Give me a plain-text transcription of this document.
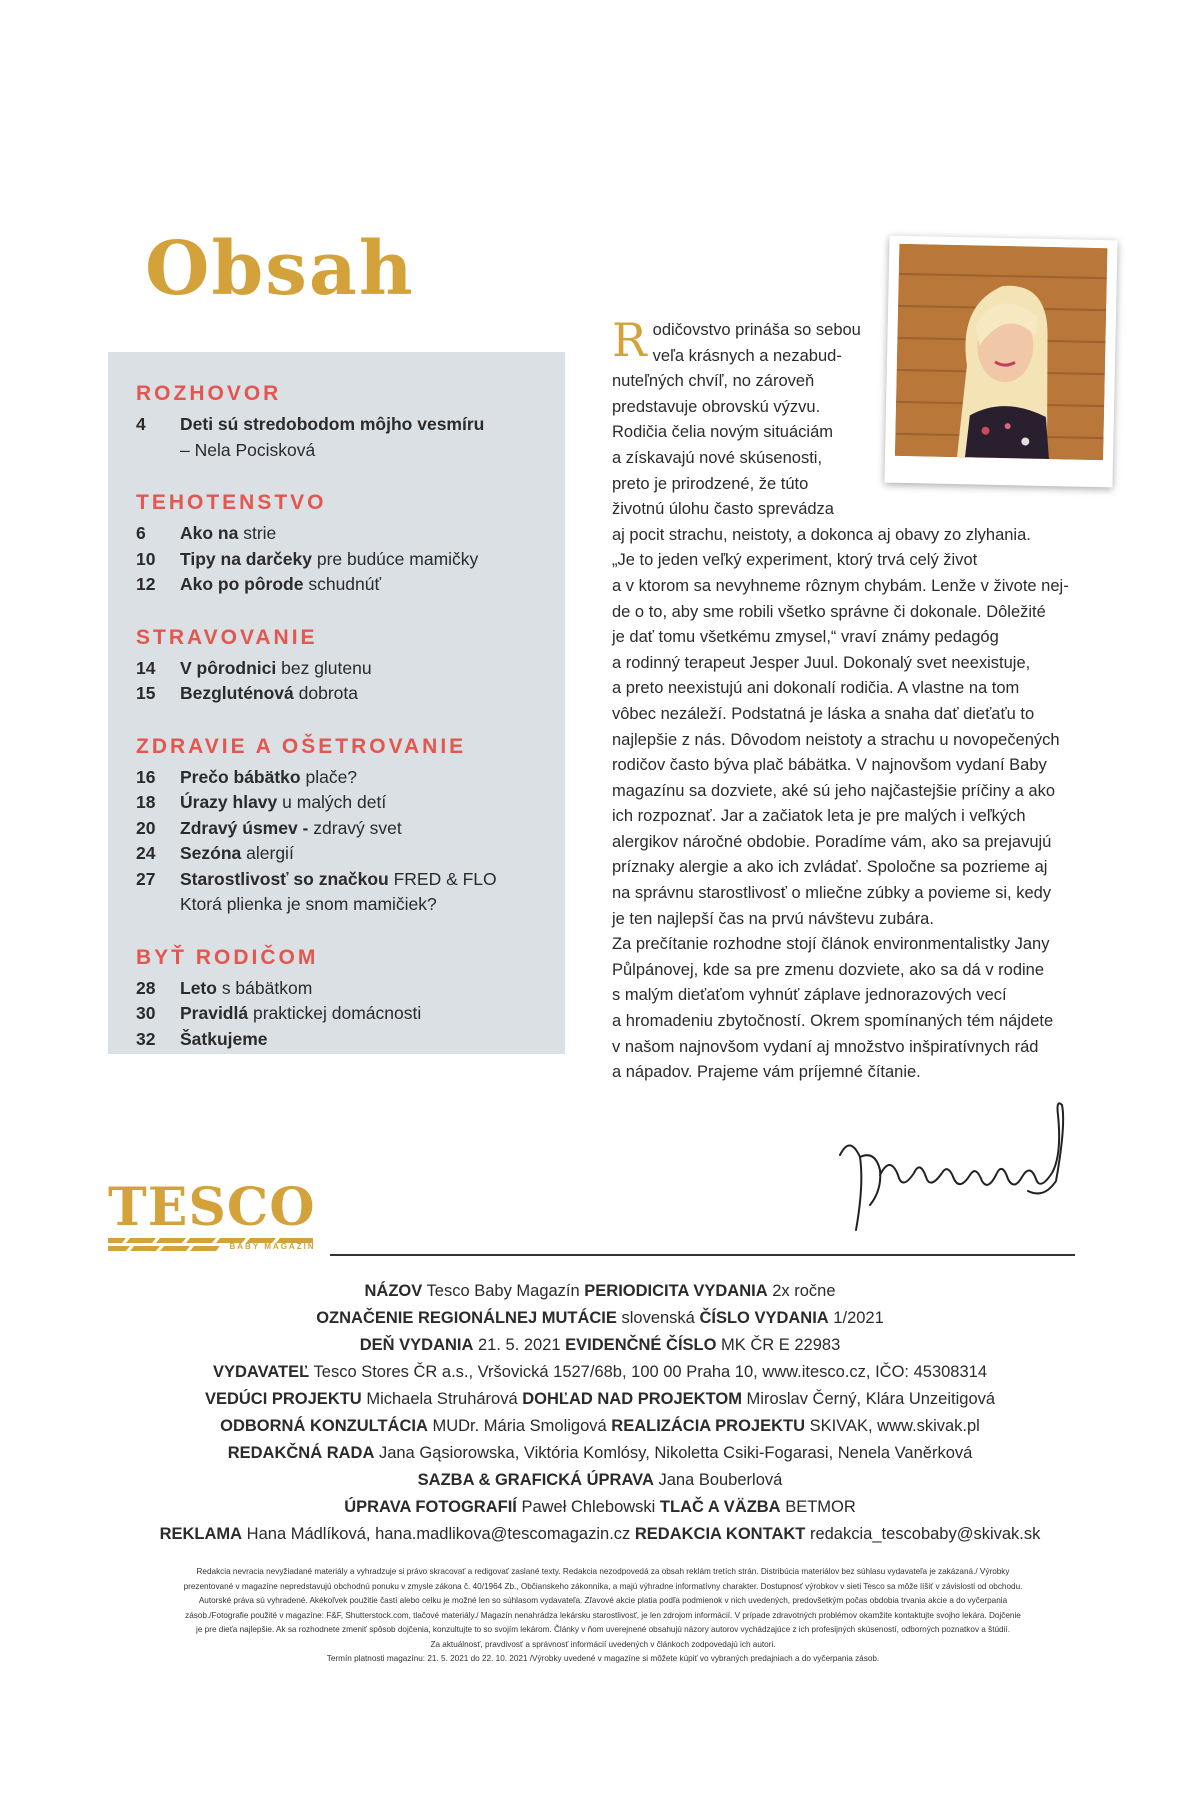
Obsah
ROZHOVOR
4 Deti sú stredobodom môjho vesmíru
– Nela Pocisková
TEHOTENSTVO
6 Ako na strie
10 Tipy na darčeky pre budúce mamičky
12 Ako po pôrode schudnúť
STRAVOVANIE
14 V pôrodnici bez glutenu
15 Bezgluténová dobrota
ZDRAVIE A OŠETROVANIE
16 Prečo bábätko plače?
18 Úrazy hlavy u malých detí
20 Zdravý úsmev - zdravý svet
24 Sezóna alergií
27 Starostlivosť so značkou FRED & FLO
Ktorá plienka je snom mamičiek?
BYŤ RODIČOM
28 Leto s bábätkom
30 Pravidlá praktickej domácnosti
32 Šatkujeme
R odičovstvo prináša so sebou
veľa krásnych a nezabud-
nuteľných chvíľ, no zároveň
predstavuje obrovskú výzvu.
Rodičia čelia novým situáciám
a získavajú nové skúsenosti,
preto je prirodzené, že túto
životnú úlohu často sprevádza
aj pocit strachu, neistoty, a dokonca aj obavy zo zlyhania.
„Je to jeden veľký experiment, ktorý trvá celý život
a v ktorom sa nevyhneme rôznym chybám. Lenže v živote nej-
de o to, aby sme robili všetko správne či dokonale. Dôležité
je dať tomu všetkému zmysel,“ vraví známy pedagóg
a rodinný terapeut Jesper Juul. Dokonalý svet neexistuje,
a preto neexistujú ani dokonalí rodičia. A vlastne na tom
vôbec nezáleží. Podstatná je láska a snaha dať dieťaťu to
najlepšie z nás. Dôvodom neistoty a strachu u novopečených
rodičov často býva plač bábätka. V najnovšom vydaní Baby
magazínu sa dozviete, aké sú jeho najčastejšie príčiny a ako
ich rozpoznať. Jar a začiatok leta je pre malých i veľkých
alergikov náročné obdobie. Poradíme vám, ako sa prejavujú
príznaky alergie a ako ich zvládať. Spoločne sa pozrieme aj
na správnu starostlivosť o mliečne zúbky a povieme si, kedy
je ten najlepší čas na prvú návštevu zubára.
Za prečítanie rozhodne stojí článok environmentalistky Jany
Půlpánovej, kde sa pre zmenu dozviete, ako sa dá v rodine
s malým dieťaťom vyhnúť záplave jednorazových vecí
a hromadeniu zbytočností. Okrem spomínaných tém nájdete
v našom najnovšom vydaní aj množstvo inšpiratívnych rád
a nápadov. Prajeme vám príjemné čítanie.
TESCO
BABY MAGAZÍN
NÁZOV Tesco Baby Magazín PERIODICITA VYDANIA 2x ročne
OZNAČENIE REGIONÁLNEJ MUTÁCIE slovenská ČÍSLO VYDANIA 1/2021
DEŇ VYDANIA 21. 5. 2021 EVIDENČNÉ ČÍSLO MK ČR E 22983
VYDAVATEĽ Tesco Stores ČR a.s., Vršovická 1527/68b, 100 00 Praha 10, www.itesco.cz, IČO: 45308314
VEDÚCI PROJEKTU Michaela Struhárová DOHĽAD NAD PROJEKTOM Miroslav Černý, Klára Unzeitigová
ODBORNÁ KONZULTÁCIA MUDr. Mária Smoligová REALIZÁCIA PROJEKTU SKIVAK, www.skivak.pl
REDAKČNÁ RADA Jana Gąsiorowska, Viktória Komlósy, Nikoletta Csiki-Fogarasi, Nenela Vaněrková
SAZBA & GRAFICKÁ ÚPRAVA Jana Bouberlová
ÚPRAVA FOTOGRAFIÍ Paweł Chlebowski TLAČ A VÄZBA BETMOR
REKLAMA Hana Mádlíková, hana.madlikova@tescomagazin.cz REDAKCIA KONTAKT redakcia_tescobaby@skivak.sk
Redakcia nevracia nevyžiadané materiály a vyhradzuje si právo skracovať a redigovať zaslané texty. Redakcia nezodpovedá za obsah reklám tretích strán. Distribúcia materiálov bez súhlasu vydavateľa je zakázaná./ Výrobky
prezentované v magazíne nepredstavujú obchodnú ponuku v zmysle zákona č. 40/1964 Zb., Občianskeho zákonníka, a majú výhradne informatívny charakter. Dostupnosť výrobkov v sieti Tesco sa môže líšiť v závislosti od obchodu.
Autorské práva sú vyhradené. Akékoľvek použitie častí alebo celku je možné len so súhlasom vydavateľa. Zľavové akcie platia podľa podmienok v nich uvedených, predovšetkým počas obdobia trvania akcie a do vyčerpania
zásob./Fotografie použité v magazíne: F&F, Shutterstock.com, tlačové materiály./ Magazín nenahrádza lekársku starostlivosť, je len zdrojom informácií. V prípade zdravotných problémov okamžite kontaktujte svojho lekára. Dojčenie
je pre dieťa najlepšie. Ak sa rozhodnete zmeniť spôsob dojčenia, konzultujte to so svojím lekárom. Články v ňom uverejnené obsahujú názory autorov vychádzajúce z ich profesijných skúseností, odborných poznatkov a štúdií.
Za aktuálnosť, pravdivosť a správnosť informácií uvedených v článkoch zodpovedajú ich autori.
Termín platnosti magazínu: 21. 5. 2021 do 22. 10. 2021 /Výrobky uvedené v magazíne si môžete kúpiť vo vybraných predajniach a do vyčerpania zásob.
